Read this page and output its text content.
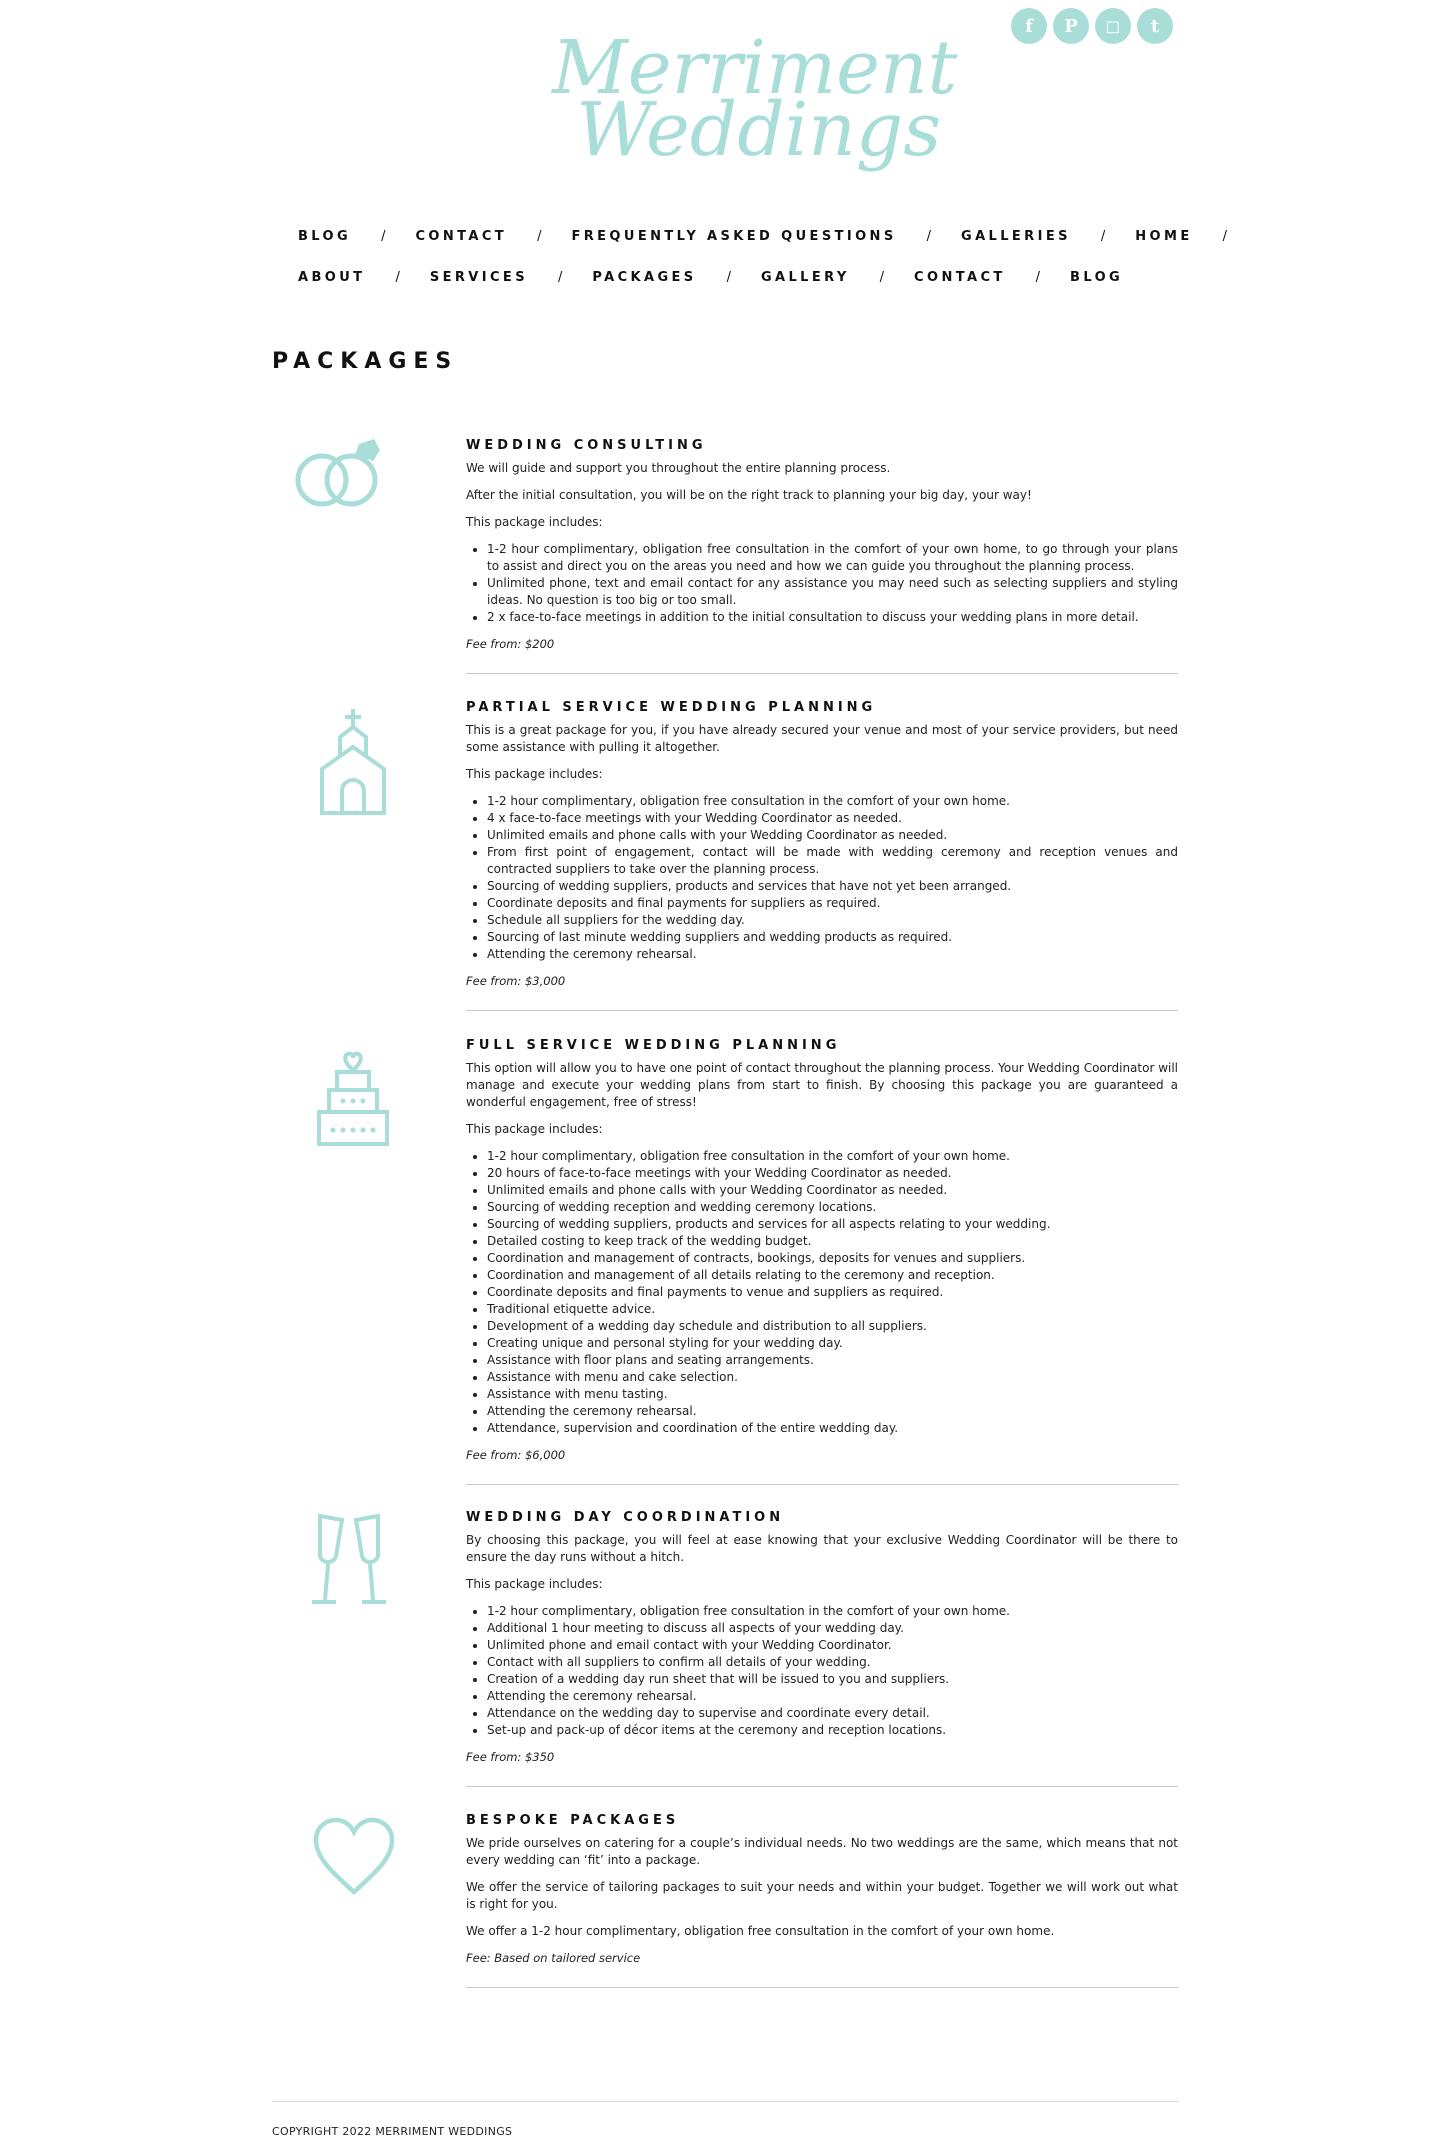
f	P	◻	t
Merriment
Weddings
BLOG / CONTACT / FREQUENTLY ASKED QUESTIONS / GALLERIES / HOME /
ABOUT / SERVICES / PACKAGES / GALLERY / CONTACT / BLOG
PACKAGES
WEDDING CONSULTING

We will guide and support you throughout the entire planning process.

After the initial consultation, you will be on the right track to planning your big day, your way!

This package includes:

• 1-2 hour complimentary, obligation free consultation in the comfort of your own home, to go through your plans to assist and direct you on the areas you need and how we can guide you throughout the planning process.
• Unlimited phone, text and email contact for any assistance you may need such as selecting suppliers and styling ideas. No question is too big or too small.
• 2 x face-to-face meetings in addition to the initial consultation to discuss your wedding plans in more detail.

Fee from: $200

PARTIAL SERVICE WEDDING PLANNING

This is a great package for you, if you have already secured your venue and most of your service providers, but need some assistance with pulling it altogether.

This package includes:

• 1-2 hour complimentary, obligation free consultation in the comfort of your own home.
• 4 x face-to-face meetings with your Wedding Coordinator as needed.
• Unlimited emails and phone calls with your Wedding Coordinator as needed.
• From first point of engagement, contact will be made with wedding ceremony and reception venues and contracted suppliers to take over the planning process.
• Sourcing of wedding suppliers, products and services that have not yet been arranged.
• Coordinate deposits and final payments for suppliers as required.
• Schedule all suppliers for the wedding day.
• Sourcing of last minute wedding suppliers and wedding products as required.
• Attending the ceremony rehearsal.

Fee from: $3,000

FULL SERVICE WEDDING PLANNING

This option will allow you to have one point of contact throughout the planning process. Your Wedding Coordinator will manage and execute your wedding plans from start to finish. By choosing this package you are guaranteed a wonderful engagement, free of stress!

This package includes:

• 1-2 hour complimentary, obligation free consultation in the comfort of your own home.
• 20 hours of face-to-face meetings with your Wedding Coordinator as needed.
• Unlimited emails and phone calls with your Wedding Coordinator as needed.
• Sourcing of wedding reception and wedding ceremony locations.
• Sourcing of wedding suppliers, products and services for all aspects relating to your wedding.
• Detailed costing to keep track of the wedding budget.
• Coordination and management of contracts, bookings, deposits for venues and suppliers.
• Coordination and management of all details relating to the ceremony and reception.
• Coordinate deposits and final payments to venue and suppliers as required.
• Traditional etiquette advice.
• Development of a wedding day schedule and distribution to all suppliers.
• Creating unique and personal styling for your wedding day.
• Assistance with floor plans and seating arrangements.
• Assistance with menu and cake selection.
• Assistance with menu tasting.
• Attending the ceremony rehearsal.
• Attendance, supervision and coordination of the entire wedding day.

Fee from: $6,000

WEDDING DAY COORDINATION

By choosing this package, you will feel at ease knowing that your exclusive Wedding Coordinator will be there to ensure the day runs without a hitch.

This package includes:

• 1-2 hour complimentary, obligation free consultation in the comfort of your own home.
• Additional 1 hour meeting to discuss all aspects of your wedding day.
• Unlimited phone and email contact with your Wedding Coordinator.
• Contact with all suppliers to confirm all details of your wedding.
• Creation of a wedding day run sheet that will be issued to you and suppliers.
• Attending the ceremony rehearsal.
• Attendance on the wedding day to supervise and coordinate every detail.
• Set-up and pack-up of décor items at the ceremony and reception locations.

Fee from: $350

BESPOKE PACKAGES

We pride ourselves on catering for a couple’s individual needs. No two weddings are the same, which means that not every wedding can ‘fit’ into a package.

We offer the service of tailoring packages to suit your needs and within your budget. Together we will work out what is right for you.

We offer a 1-2 hour complimentary, obligation free consultation in the comfort of your own home.

Fee: Based on tailored service

COPYRIGHT 2022 MERRIMENT WEDDINGS
